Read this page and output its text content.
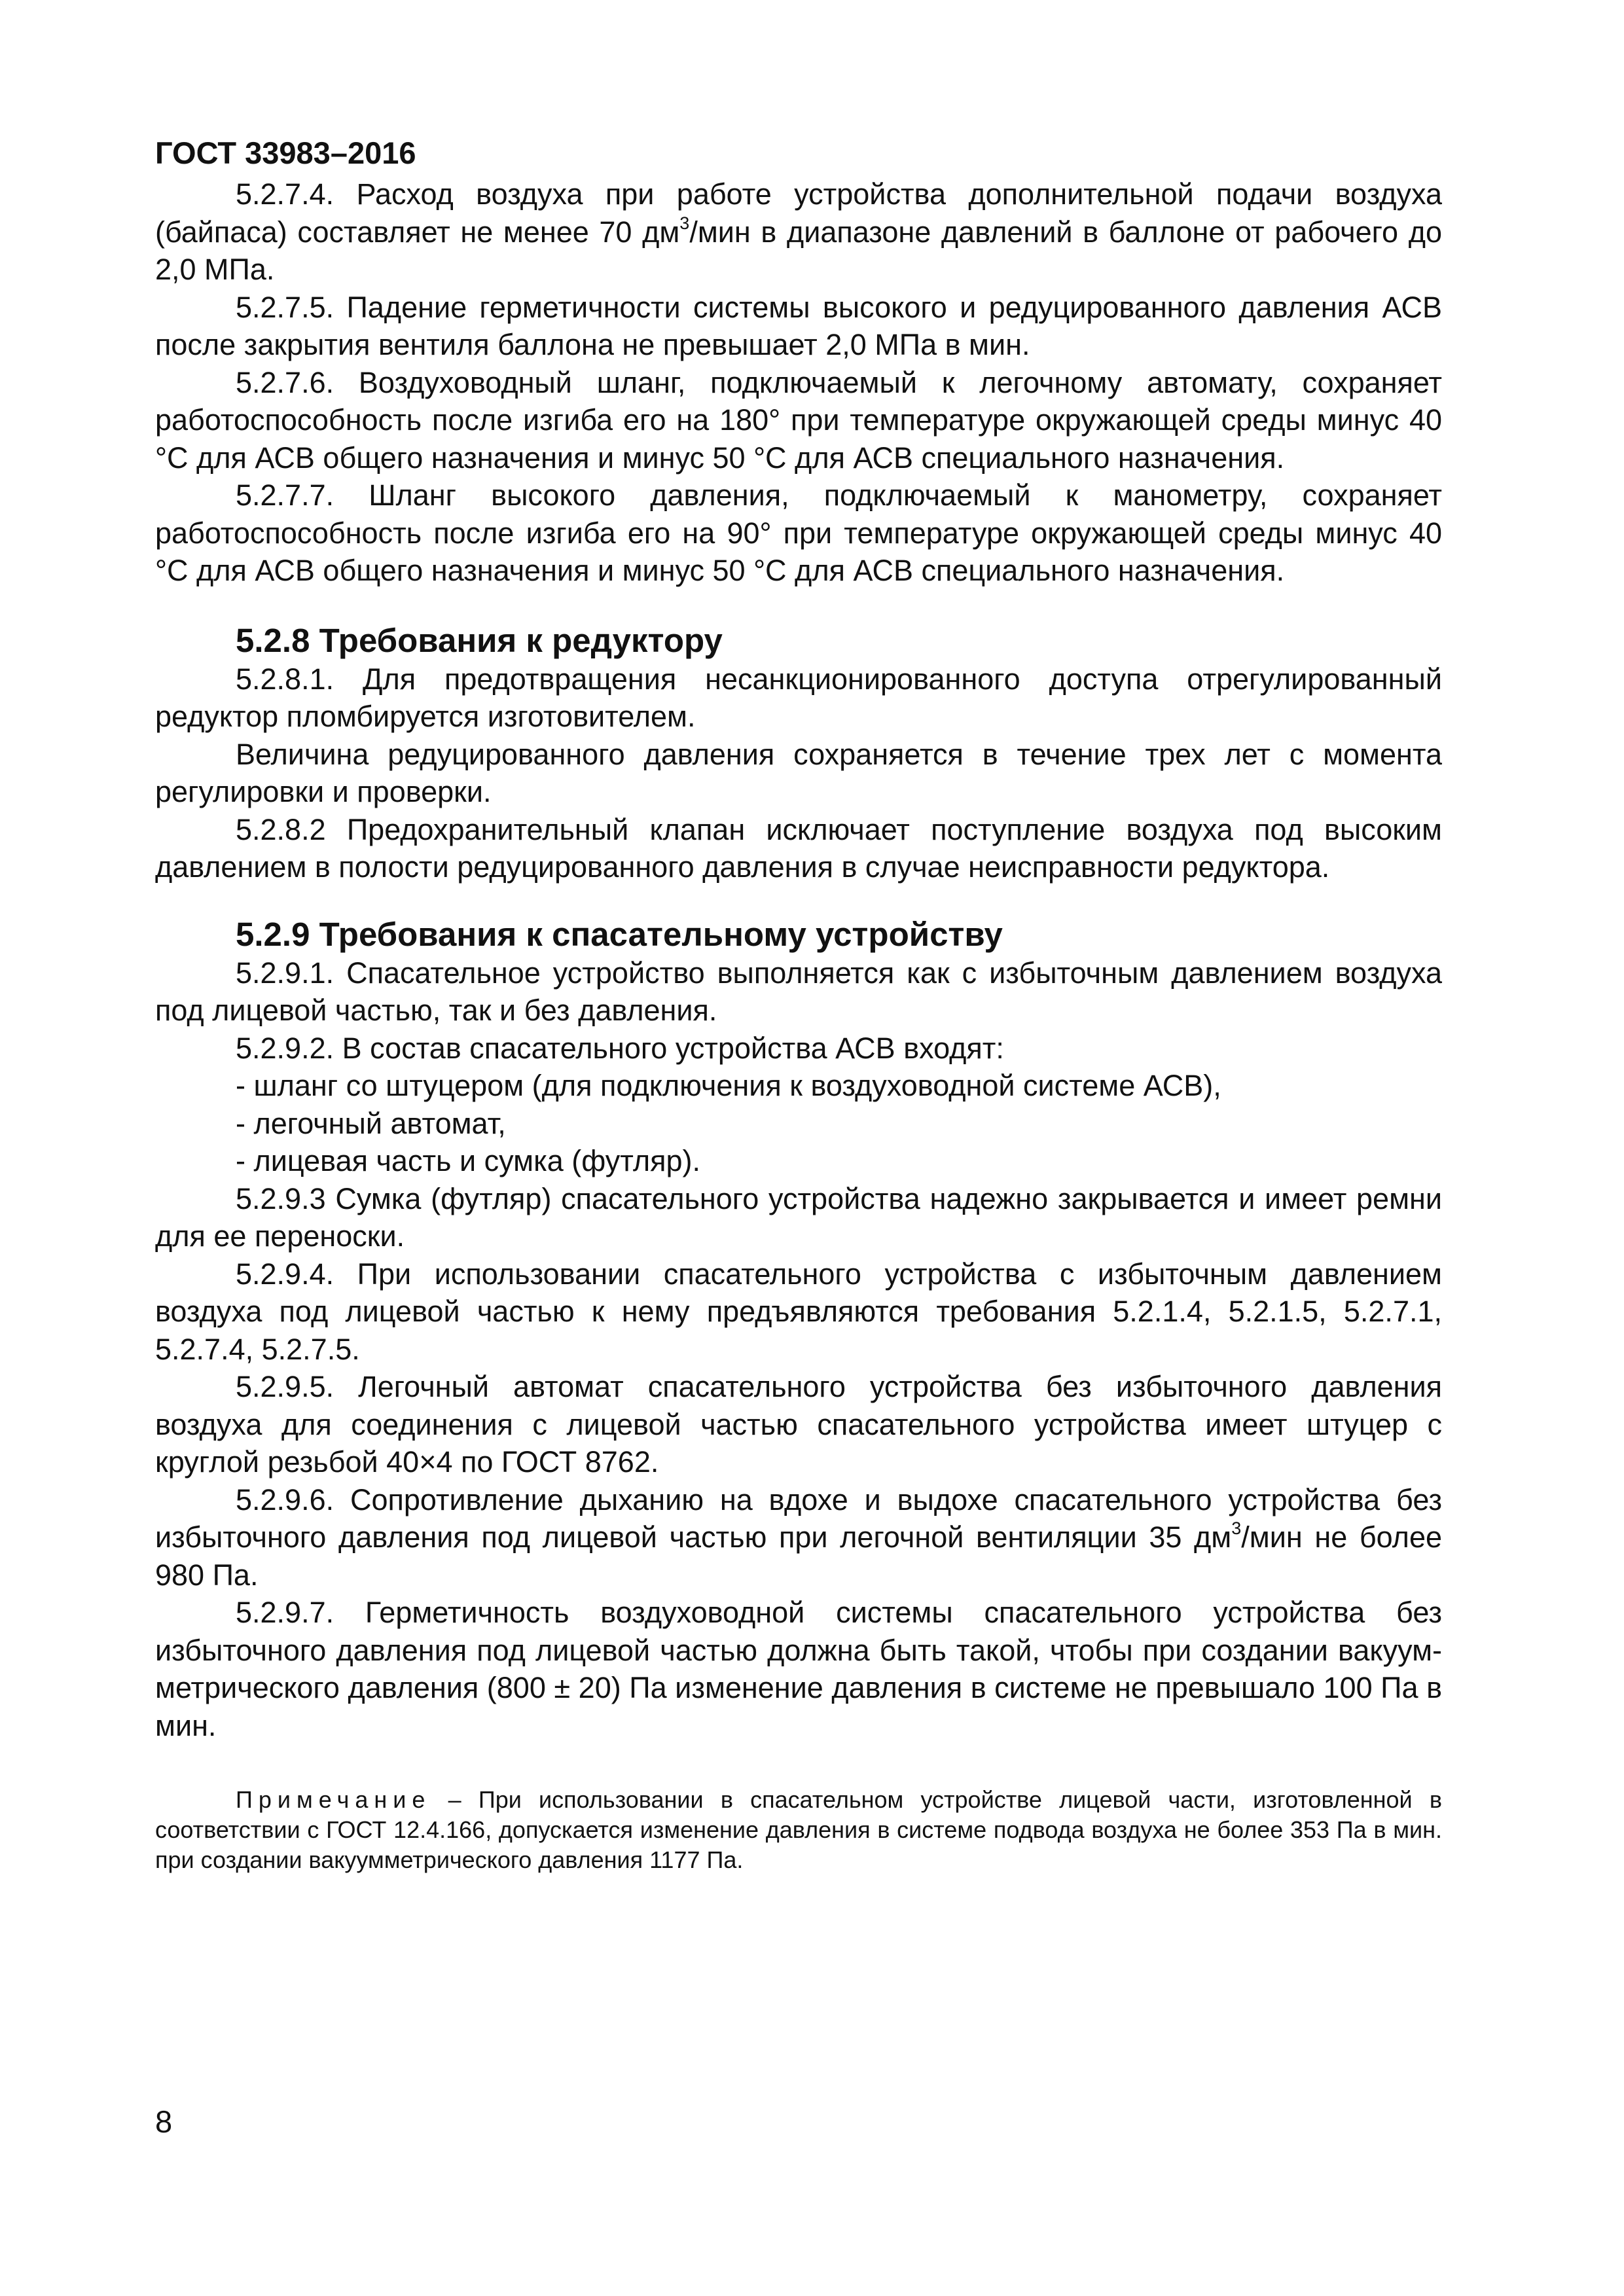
ГОСТ 33983–2016

5.2.7.4. Расход воздуха при работе устройства дополнительной подачи воздуха (байпаса) составляет не менее 70 $дм^3$/мин в диапазоне давлений в баллоне от рабочего до 2,0 МПа.

5.2.7.5. Падение герметичности системы высокого и редуцированного давления АСВ после закрытия вентиля баллона не превышает 2,0 МПа в мин.

5.2.7.6. Воздуховодный шланг, подключаемый к легочному автомату, сохраняет работоспособность после изгиба его на 180° при температуре окружающей среды минус 40 °С для АСВ общего назначения и минус 50 °С для АСВ специального назначения.

5.2.7.7. Шланг высокого давления, подключаемый к манометру, сохраняет работоспособность после изгиба его на 90° при температуре окружающей среды минус 40 °С для АСВ общего назначения и минус 50 °С для АСВ специального назначения.

5.2.8 Требования к редуктору

5.2.8.1. Для предотвращения несанкционированного доступа отрегулированный редуктор пломбируется изготовителем.

Величина редуцированного давления сохраняется в течение трех лет с момента регулировки и проверки.

5.2.8.2 Предохранительный клапан исключает поступление воздуха под высоким давлением в полости редуцированного давления в случае неисправности редуктора.

5.2.9 Требования к спасательному устройству

5.2.9.1. Спасательное устройство выполняется как с избыточным давлением воздуха под лицевой частью, так и без давления.

5.2.9.2. В состав спасательного устройства АСВ входят:

- шланг со штуцером (для подключения к воздуховодной системе АСВ),

- легочный автомат,

- лицевая часть и сумка (футляр).

5.2.9.3 Сумка (футляр) спасательного устройства надежно закрывается и имеет ремни для ее переноски.

5.2.9.4. При использовании спасательного устройства с избыточным давлением воздуха под лицевой частью к нему предъявляются требования 5.2.1.4, 5.2.1.5, 5.2.7.1, 5.2.7.4, 5.2.7.5.

5.2.9.5. Легочный автомат спасательного устройства без избыточного давления воздуха для соединения с лицевой частью спасательного устройства имеет штуцер с круглой резьбой 40×4 по ГОСТ 8762.

5.2.9.6. Сопротивление дыханию на вдохе и выдохе спасательного устройства без избыточного давления под лицевой частью при легочной вентиляции 35 $дм^3$/мин не более 980 Па.

5.2.9.7. Герметичность воздуховодной системы спасательного устройства без избыточного давления под лицевой частью должна быть такой, чтобы при создании вакуум-метрического давления (800 ± 20) Па изменение давления в системе не превышало 100 Па в мин.

Примечание – При использовании в спасательном устройстве лицевой части, изготовленной в соответствии с ГОСТ 12.4.166, допускается изменение давления в системе подвода воздуха не более 353 Па в мин. при создании вакуумметрического давления 1177 Па.

8
